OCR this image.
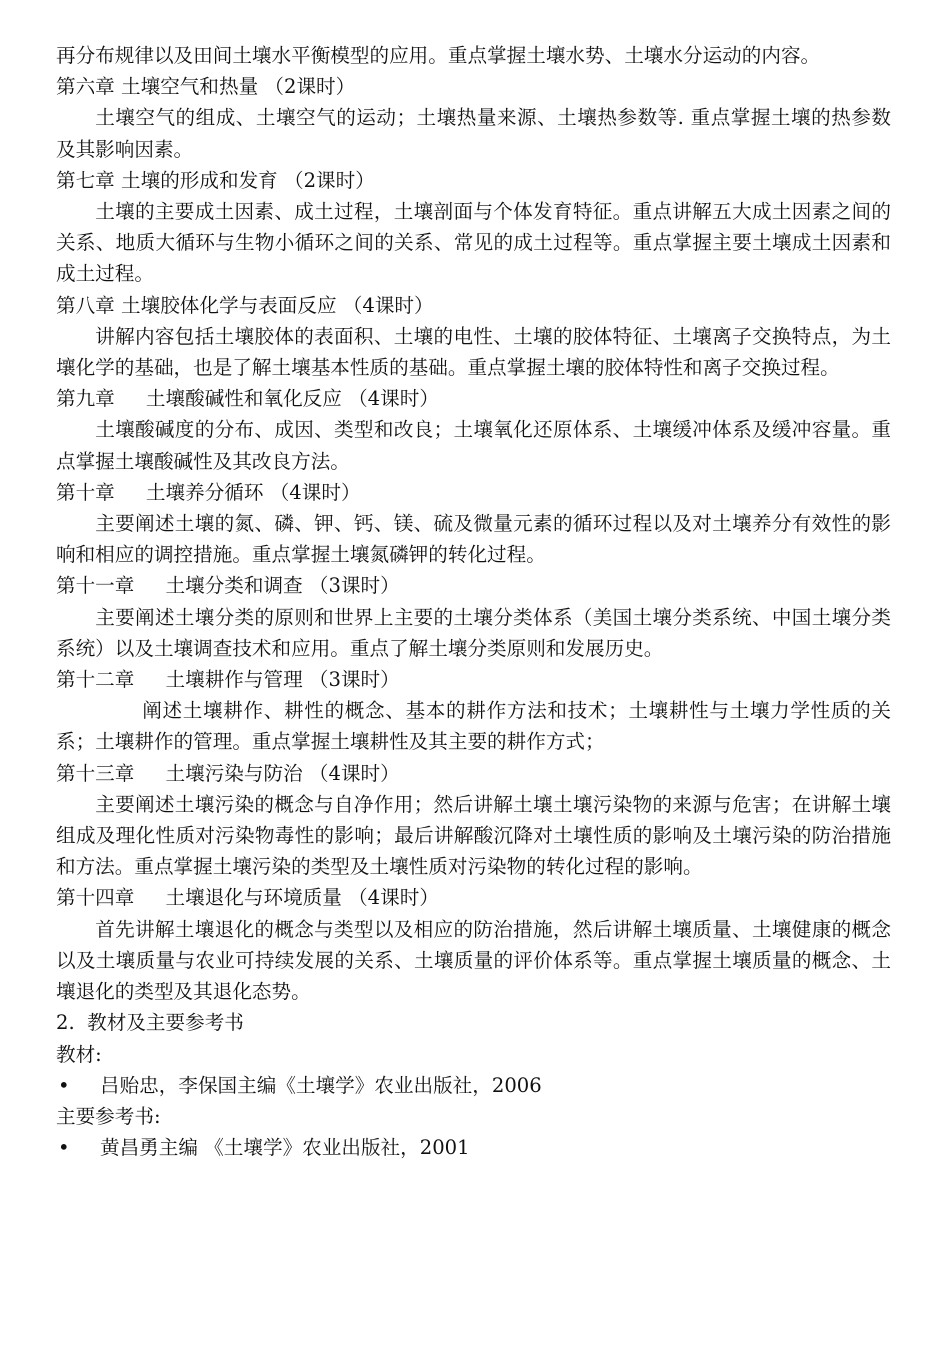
再分布规律以及田间土壤水平衡模型的应用。重点掌握土壤水势、土壤水分运动的内容。
第六章 土壤空气和热量 （2课时）
土壤空气的组成、土壤空气的运动；土壤热量来源、土壤热参数等. 重点掌握土壤的热参数及其影响因素。
第七章 土壤的形成和发育 （2课时）
土壤的主要成土因素、成土过程，土壤剖面与个体发育特征。重点讲解五大成土因素之间的关系、地质大循环与生物小循环之间的关系、常见的成土过程等。重点掌握主要土壤成土因素和成土过程。
第八章 土壤胶体化学与表面反应 （4课时）
讲解内容包括土壤胶体的表面积、土壤的电性、土壤的胶体特征、土壤离子交换特点，为土壤化学的基础，也是了解土壤基本性质的基础。重点掌握土壤的胶体特性和离子交换过程。
第九章     土壤酸碱性和氧化反应 （4课时）
土壤酸碱度的分布、成因、类型和改良；土壤氧化还原体系、土壤缓冲体系及缓冲容量。重点掌握土壤酸碱性及其改良方法。
第十章     土壤养分循环 （4课时）
主要阐述土壤的氮、磷、钾、钙、镁、硫及微量元素的循环过程以及对土壤养分有效性的影响和相应的调控措施。重点掌握土壤氮磷钾的转化过程。
第十一章     土壤分类和调查 （3课时）
主要阐述土壤分类的原则和世界上主要的土壤分类体系（美国土壤分类系统、中国土壤分类系统）以及土壤调查技术和应用。重点了解土壤分类原则和发展历史。
第十二章     土壤耕作与管理 （3课时）
阐述土壤耕作、耕性的概念、基本的耕作方法和技术；土壤耕性与土壤力学性质的关系；土壤耕作的管理。重点掌握土壤耕性及其主要的耕作方式；
第十三章     土壤污染与防治 （4课时）
主要阐述土壤污染的概念与自净作用；然后讲解土壤土壤污染物的来源与危害；在讲解土壤组成及理化性质对污染物毒性的影响；最后讲解酸沉降对土壤性质的影响及土壤污染的防治措施和方法。重点掌握土壤污染的类型及土壤性质对污染物的转化过程的影响。
第十四章     土壤退化与环境质量 （4课时）
首先讲解土壤退化的概念与类型以及相应的防治措施，然后讲解土壤质量、土壤健康的概念以及土壤质量与农业可持续发展的关系、土壤质量的评价体系等。重点掌握土壤质量的概念、土壤退化的类型及其退化态势。
2.  教材及主要参考书
教材:
• 吕贻忠，李保国主编《土壤学》农业出版社，2006
主要参考书:
• 黄昌勇主编 《土壤学》农业出版社，2001
